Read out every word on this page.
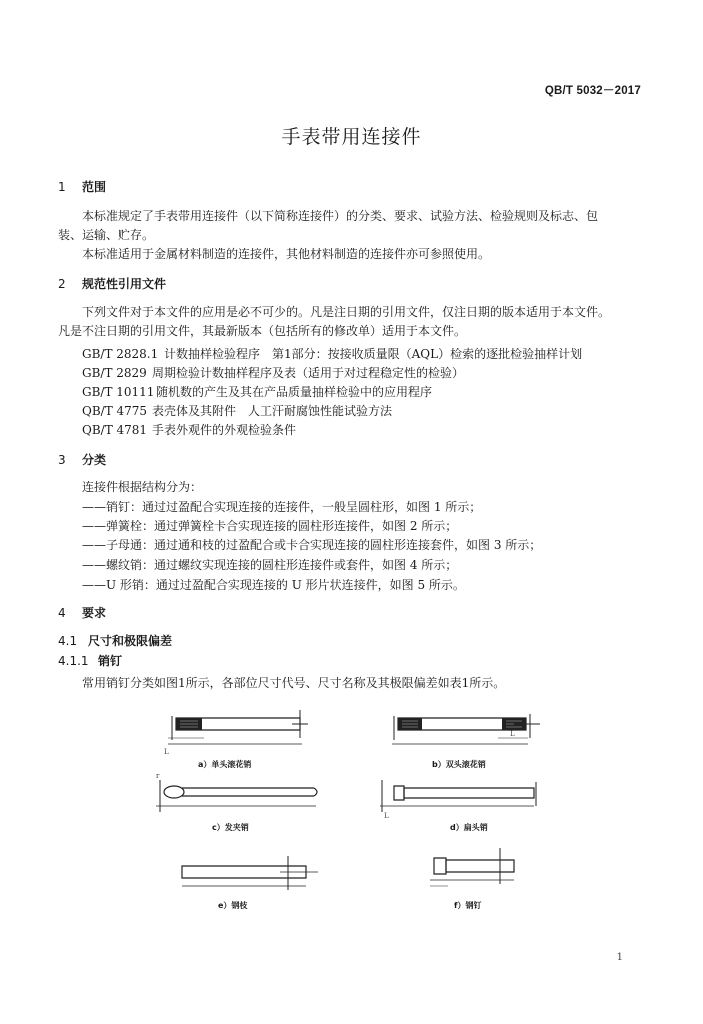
QB/T 5032－2017
手表带用连接件
1 范围
本标准规定了手表带用连接件（以下简称连接件）的分类、要求、试验方法、检验规则及标志、包
装、运输、贮存。
本标准适用于金属材料制造的连接件，其他材料制造的连接件亦可参照使用。
2 规范性引用文件
下列文件对于本文件的应用是必不可少的。凡是注日期的引用文件，仅注日期的版本适用于本文件。
凡是不注日期的引用文件，其最新版本（包括所有的修改单）适用于本文件。
GB/T 2828.1 计数抽样检验程序　第1部分：按接收质量限（AQL）检索的逐批检验抽样计划
GB/T 2829 周期检验计数抽样程序及表（适用于对过程稳定性的检验）
GB/T 10111 随机数的产生及其在产品质量抽样检验中的应用程序
QB/T 4775 表壳体及其附件　人工汗耐腐蚀性能试验方法
QB/T 4781 手表外观件的外观检验条件
3 分类
连接件根据结构分为：
——销钉：通过过盈配合实现连接的连接件，一般呈圆柱形，如图 1 所示；
——弹簧栓：通过弹簧栓卡合实现连接的圆柱形连接件，如图 2 所示；
——子母通：通过通和枝的过盈配合或卡合实现连接的圆柱形连接套件，如图 3 所示；
——螺纹销：通过螺纹实现连接的圆柱形连接件或套件，如图 4 所示；
——U 形销：通过过盈配合实现连接的 U 形片状连接件，如图 5 所示。
4 要求
4.1 尺寸和极限偏差
4.1.1 销钉
常用销钉分类如图1所示，各部位尺寸代号、尺寸名称及其极限偏差如表1所示。
L
a）单头滚花销
L
b）双头滚花销
r
c）发夹销
L
d）扁头销
e）钢枝	f）钢钉
1
